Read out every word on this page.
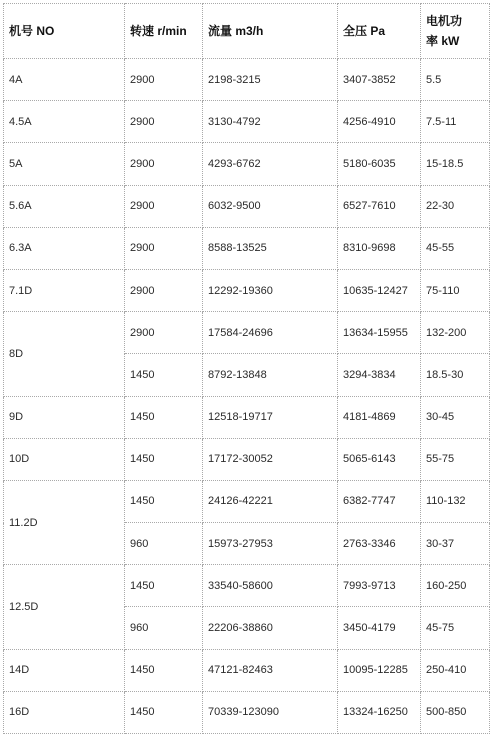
机号 NO	转速 r/min	流量 m3/h	全压 Pa	电机功率 kW
4A	2900	2198-3215	3407-3852	5.5
4.5A	2900	3130-4792	4256-4910	7.5-11
5A	2900	4293-6762	5180-6035	15-18.5
5.6A	2900	6032-9500	6527-7610	22-30
6.3A	2900	8588-13525	8310-9698	45-55
7.1D	2900	12292-19360	10635-12427	75-110
8D	2900	17584-24696	13634-15955	132-200
	1450	8792-13848	3294-3834	18.5-30
9D	1450	12518-19717	4181-4869	30-45
10D	1450	17172-30052	5065-6143	55-75
11.2D	1450	24126-42221	6382-7747	110-132
	960	15973-27953	2763-3346	30-37
12.5D	1450	33540-58600	7993-9713	160-250
	960	22206-38860	3450-4179	45-75
14D	1450	47121-82463	10095-12285	250-410
16D	1450	70339-123090	13324-16250	500-850
